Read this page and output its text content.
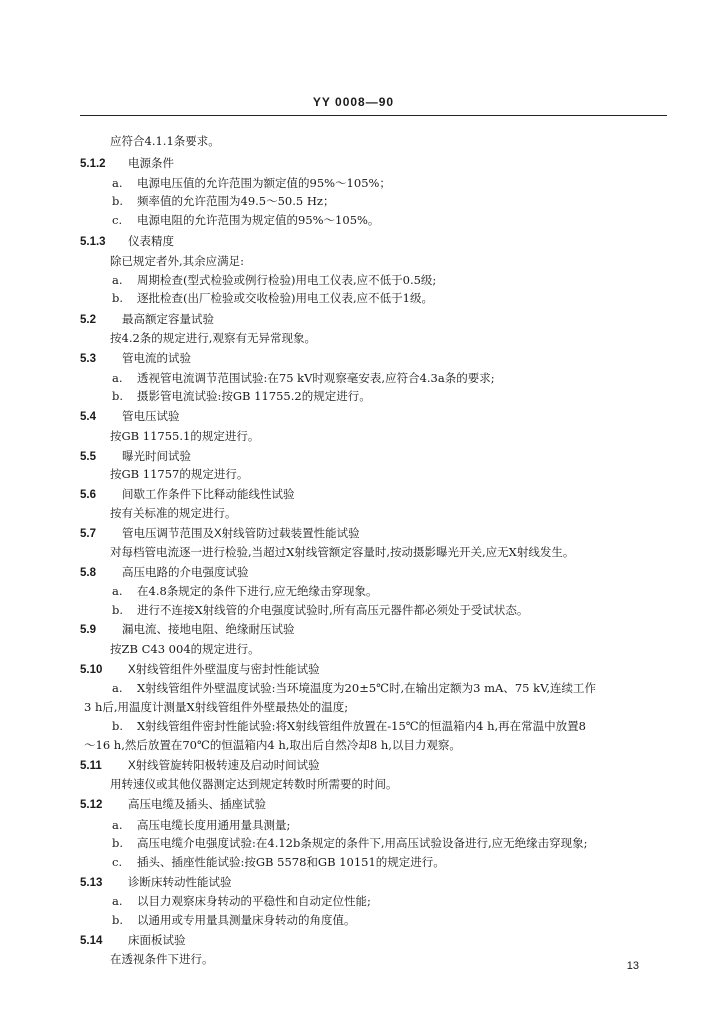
YY 0008—90
应符合4.1.1条要求。
5.1.2 电源条件
a. 电源电压值的允许范围为额定值的95%～105%；
b. 频率值的允许范围为49.5～50.5 Hz；
c. 电源电阻的允许范围为规定值的95%～105%。
5.1.3 仪表精度
除已规定者外,其余应满足:
a. 周期检查(型式检验或例行检验)用电工仪表,应不低于0.5级;
b. 逐批检查(出厂检验或交收检验)用电工仪表,应不低于1级。
5.2 最高额定容量试验
按4.2条的规定进行,观察有无异常现象。
5.3 管电流的试验
a. 透视管电流调节范围试验:在75 kV时观察毫安表,应符合4.3a条的要求;
b. 摄影管电流试验:按GB 11755.2的规定进行。
5.4 管电压试验
按GB 11755.1的规定进行。
5.5 曝光时间试验
按GB 11757的规定进行。
5.6 间歇工作条件下比释动能线性试验
按有关标准的规定进行。
5.7 管电压调节范围及X射线管防过载装置性能试验
对每档管电流逐一进行检验,当超过X射线管额定容量时,按动摄影曝光开关,应无X射线发生。
5.8 高压电路的介电强度试验
a. 在4.8条规定的条件下进行,应无绝缘击穿现象。
b. 进行不连接X射线管的介电强度试验时,所有高压元器件都必须处于受试状态。
5.9 漏电流、接地电阻、绝缘耐压试验
按ZB C43 004的规定进行。
5.10 X射线管组件外壁温度与密封性能试验
a. X射线管组件外壁温度试验:当环境温度为20±5℃时,在输出定额为3 mA、75 kV,连续工作
3 h后,用温度计测量X射线管组件外壁最热处的温度;
b. X射线管组件密封性能试验:将X射线管组件放置在-15℃的恒温箱内4 h,再在常温中放置8
～16 h,然后放置在70℃的恒温箱内4 h,取出后自然冷却8 h,以目力观察。
5.11 X射线管旋转阳极转速及启动时间试验
用转速仪或其他仪器测定达到规定转数时所需要的时间。
5.12 高压电缆及插头、插座试验
a. 高压电缆长度用通用量具测量;
b. 高压电缆介电强度试验:在4.12b条规定的条件下,用高压试验设备进行,应无绝缘击穿现象;
c. 插头、插座性能试验:按GB 5578和GB 10151的规定进行。
5.13 诊断床转动性能试验
a. 以目力观察床身转动的平稳性和自动定位性能;
b. 以通用或专用量具测量床身转动的角度值。
5.14 床面板试验
在透视条件下进行。	13
